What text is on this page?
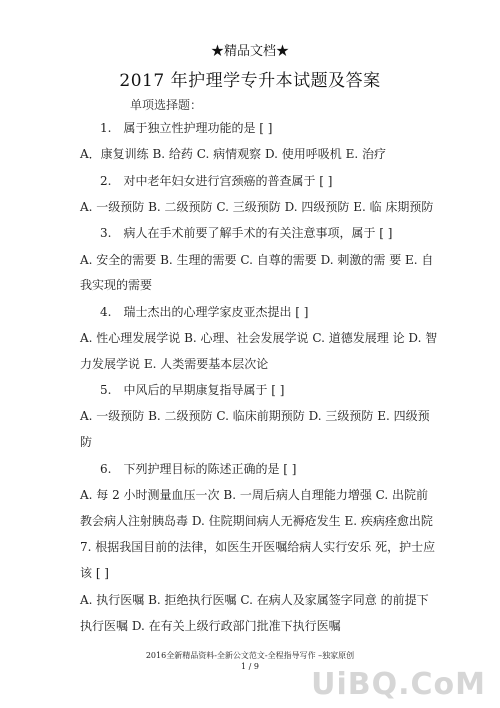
★精品文档★
2017 年护理学专升本试题及答案
单项选择题：
1.　属于独立性护理功能的是 [ ]
A．康复训练 B. 给药 C. 病情观察 D. 使用呼吸机 E. 治疗
2.　对中老年妇女进行宫颈癌的普查属于 [ ]
A. 一级预防 B. 二级预防 C. 三级预防 D. 四级预防 E. 临 床期预防
3.　病人在手术前要了解手术的有关注意事项，属于 [ ]
A. 安全的需要 B. 生理的需要 C. 自尊的需要 D. 刺激的需 要 E. 自
我实现的需要
4.　瑞士杰出的心理学家皮亚杰提出 [ ]
A. 性心理发展学说 B. 心理、社会发展学说 C. 道德发展理 论 D. 智
力发展学说 E. 人类需要基本层次论
5.　中风后的早期康复指导属于 [ ]
A. 一级预防 B. 二级预防 C. 临床前期预防 D. 三级预防 E. 四级预
防
6.　下列护理目标的陈述正确的是 [ ]
A. 每 2 小时测量血压一次 B. 一周后病人自理能力增强 C. 出院前
教会病人注射胰岛毒 D. 住院期间病人无褥疮发生 E. 疾病痊愈出院
7. 根据我国目前的法律，如医生开医嘱给病人实行安乐 死，护士应
该 [ ]
A. 执行医嘱 B. 拒绝执行医嘱 C. 在病人及家属签字同意 的前提下
执行医嘱 D. 在有关上级行政部门批准下执行医嘱
2016全新精品资料-全新公文范文-全程指导写作 –独家原创
1 / 9
UiBQ.CoM
